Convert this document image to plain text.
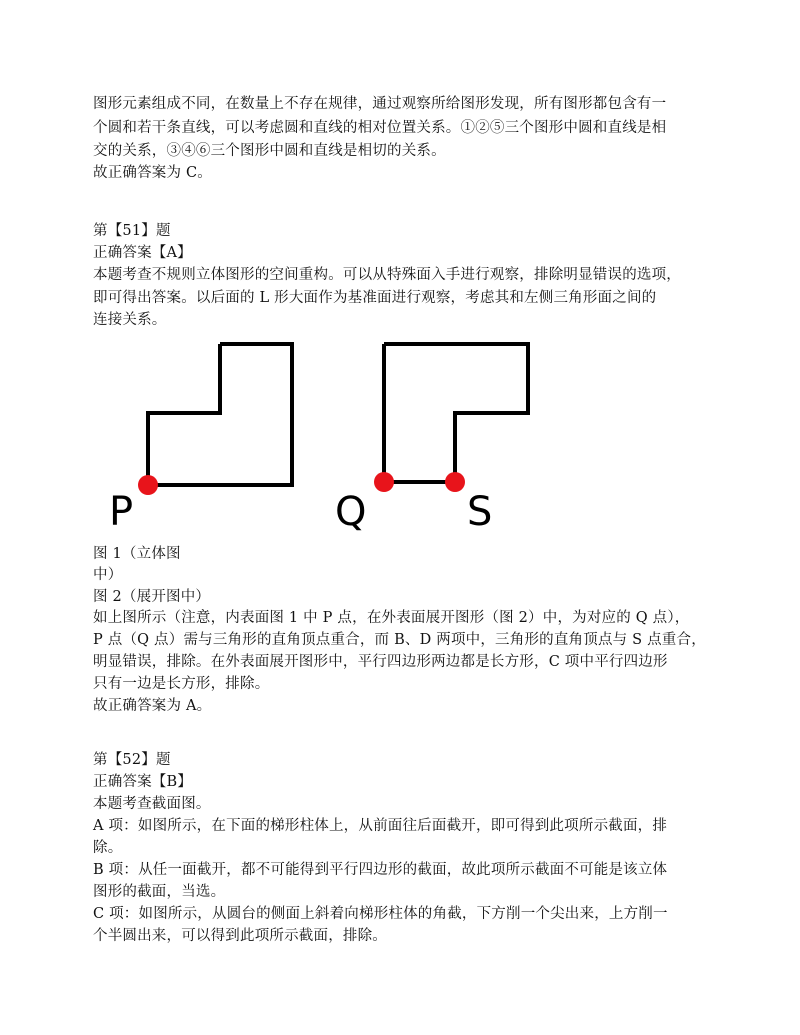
图形元素组成不同，在数量上不存在规律，通过观察所给图形发现，所有图形都包含有一
个圆和若干条直线，可以考虑圆和直线的相对位置关系。①②⑤三个图形中圆和直线是相
交的关系，③④⑥三个图形中圆和直线是相切的关系。
故正确答案为 C。
第【51】题
正确答案【A】
本题考查不规则立体图形的空间重构。可以从特殊面入手进行观察，排除明显错误的选项，
即可得出答案。以后面的 L 形大面作为基准面进行观察，考虑其和左侧三角形面之间的
连接关系。
P	Q	S
图 1（立体图
中）
图 2（展开图中）
如上图所示（注意，内表面图 1 中 P 点，在外表面展开图形（图 2）中，为对应的 Q 点），
P 点（Q 点）需与三角形的直角顶点重合，而 B、D 两项中，三角形的直角顶点与 S 点重合，
明显错误，排除。在外表面展开图形中，平行四边形两边都是长方形，C 项中平行四边形
只有一边是长方形，排除。
故正确答案为 A。
第【52】题
正确答案【B】
本题考查截面图。
A 项：如图所示，在下面的梯形柱体上，从前面往后面截开，即可得到此项所示截面，排
除。
B 项：从任一面截开，都不可能得到平行四边形的截面，故此项所示截面不可能是该立体
图形的截面，当选。
C 项：如图所示，从圆台的侧面上斜着向梯形柱体的角截，下方削一个尖出来，上方削一
个半圆出来，可以得到此项所示截面，排除。
